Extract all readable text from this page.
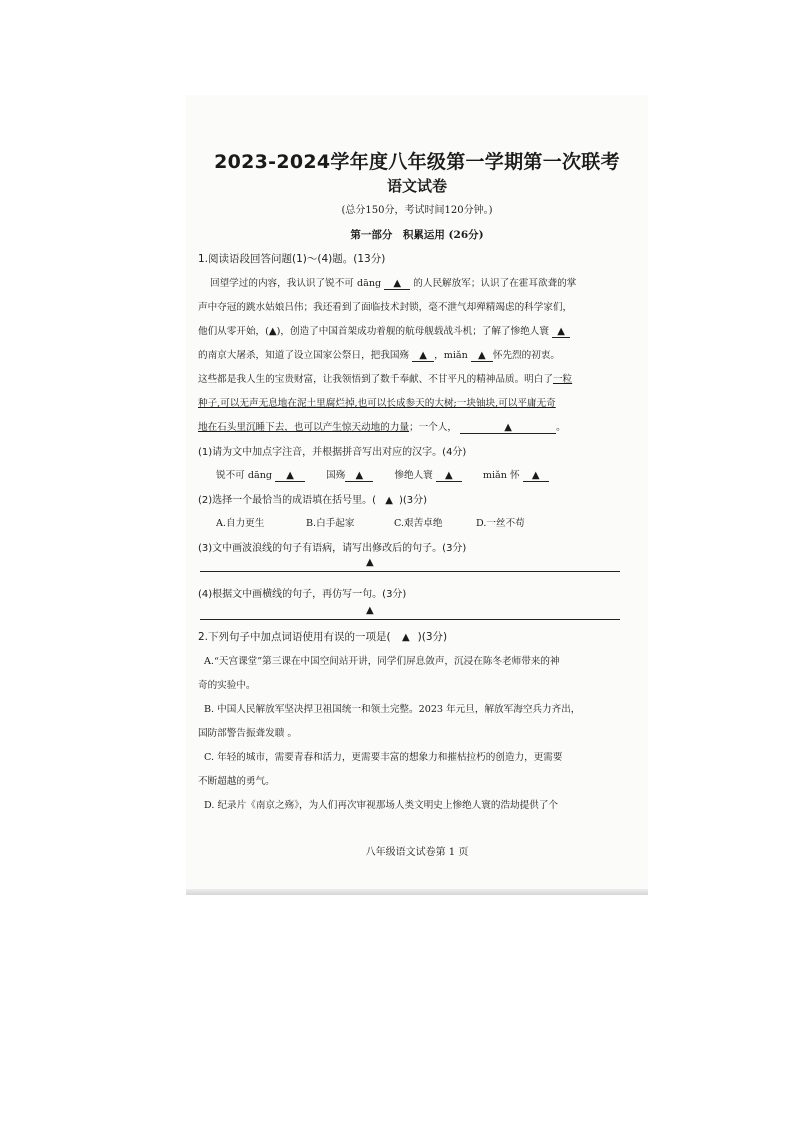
2023-2024学年度八年级第一学期第一次联考
语文试卷
(总分150分，考试时间120分钟。)
第一部分　积累运用 (26分)
1.阅读语段回答问题(1)～(4)题。(13分)
回望学过的内容，我认识了锐不可 dāng ▲ 的人民解放军；认识了在霍耳欲聋的掌
声中夺冠的跳水姑娘吕伟；我还看到了面临技术封锁，毫不泄气却殚精竭虑的科学家们，
他们从零开始，(▲)，创造了中国首架成功着舰的航母舰载战斗机；了解了惨绝人寰 ▲
的南京大屠杀，知道了设立国家公祭日，把我国殇 ▲ ，miǎn ▲ 怀先烈的初衷。
这些都是我人生的宝贵财富，让我领悟到了数千奉献、不甘平凡的精神品质。明白了一粒
种子,可以无声无息地在泥土里腐烂掉,也可以长成参天的大树;一块铀块,可以平庸无奇
地在石头里沉睡下去，也可以产生惊天动地的力量；一个人，	▲	。
(1)请为文中加点字注音，并根据拼音写出对应的汉字。(4分)
锐不可 dāng ▲	国殇 ▲	惨绝人寰 ▲	miǎn 怀 ▲
(2)选择一个最恰当的成语填在括号里。( ▲ )(3分)
A.自力更生	B.白手起家	C.艰苦卓绝	D.一丝不苟
(3)文中画波浪线的句子有语病，请写出修改后的句子。(3分)
▲
(4)根据文中画横线的句子，再仿写一句。(3分)
▲
2.下列句子中加点词语使用有误的一项是( ▲ )(3分)
A.“天宫课堂”第三课在中国空间站开讲，同学们屏息敛声，沉浸在陈冬老师带来的神
奇的实验中。
B. 中国人民解放军坚决捍卫祖国统一和领土完整。2023 年元旦，解放军海空兵力齐出，
国防部警告振聋发聩 。
C. 年轻的城市，需要青春和活力，更需要丰富的想象力和摧枯拉朽的创造力，更需要
不断超越的勇气。
D. 纪录片《南京之殇》，为人们再次审视那场人类文明史上惨绝人寰的浩劫提供了个
八年级语文试卷第 1 页
